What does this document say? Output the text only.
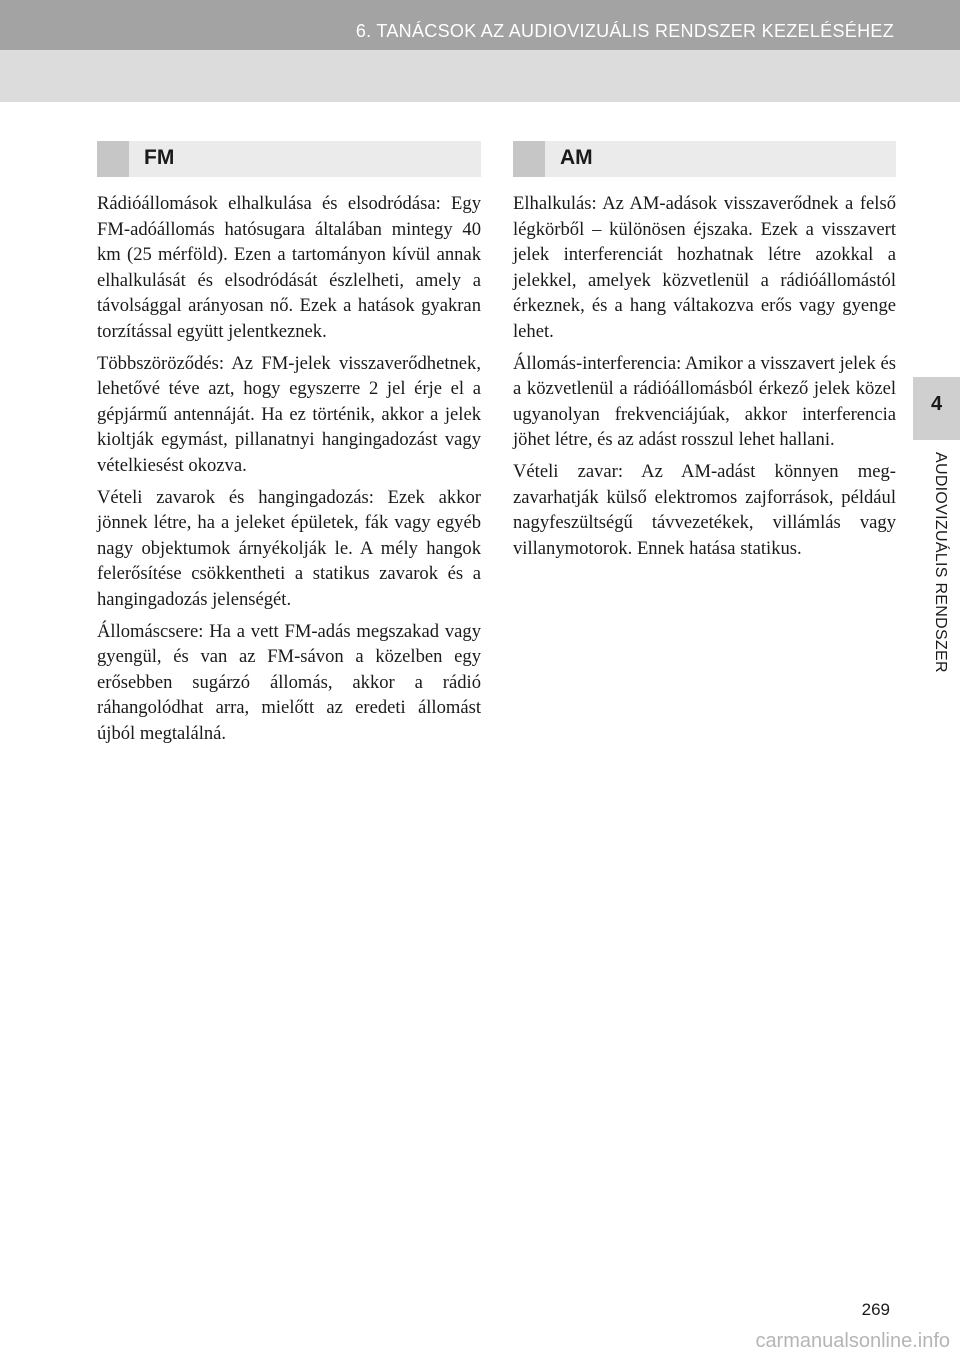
6. TANÁCSOK AZ AUDIOVIZUÁLIS RENDSZER KEZELÉSÉHEZ
FM	AM

Rádióállomások elhalkulása és elsodródása: Egy FM-adóállomás hatósugara általában mintegy 40 km (25 mérföld). Ezen a tartományon kívül annak elhalkulását és elsodródását észlelheti, amely a távolsággal arányosan nő. Ezek a hatások gyakran torzítással együtt jelentkeznek.

Többszöröződés: Az FM-jelek visszaverődhetnek, lehetővé téve azt, hogy egyszerre 2 jel érje el a gépjármű antennáját. Ha ez történik, akkor a jelek kioltják egymást, pillanatnyi hangingadozást vagy vételkiesést okozva.

Vételi zavarok és hangingadozás: Ezek akkor jönnek létre, ha a jeleket épületek, fák vagy egyéb nagy objektumok árnyékolják le. A mély hangok felerősítése csökkentheti a statikus zavarok és a hangingadozás jelenségét.

Állomáscsere: Ha a vett FM-adás megszakad vagy gyengül, és van az FM-sávon a közelben egy erősebben sugárzó állomás, akkor a rádió ráhangolódhat arra, mielőtt az eredeti állomást újból megtalálná.

Elhalkulás: Az AM-adások visszaverődnek a felső légkörből – különösen éjszaka. Ezek a visszavert jelek interferenciát hozhatnak létre azokkal a jelekkel, amelyek közvetlenül a rádióállomástól érkeznek, és a hang váltakozva erős vagy gyenge lehet.

Állomás-interferencia: Amikor a visszavert jelek és a közvetlenül a rádióállomásból érkező jelek közel ugyanolyan frekvenciájúak, akkor interferencia jöhet létre, és az adást rosszul lehet hallani.

Vételi zavar: Az AM-adást könnyen megzavarhatják külső elektromos zajforrások, például nagyfeszültségű távvezetékek, villámlás vagy villanymotorok. Ennek hatása statikus.

4
AUDIOVIZUÁLIS RENDSZER
269
carmanualsonline.info
